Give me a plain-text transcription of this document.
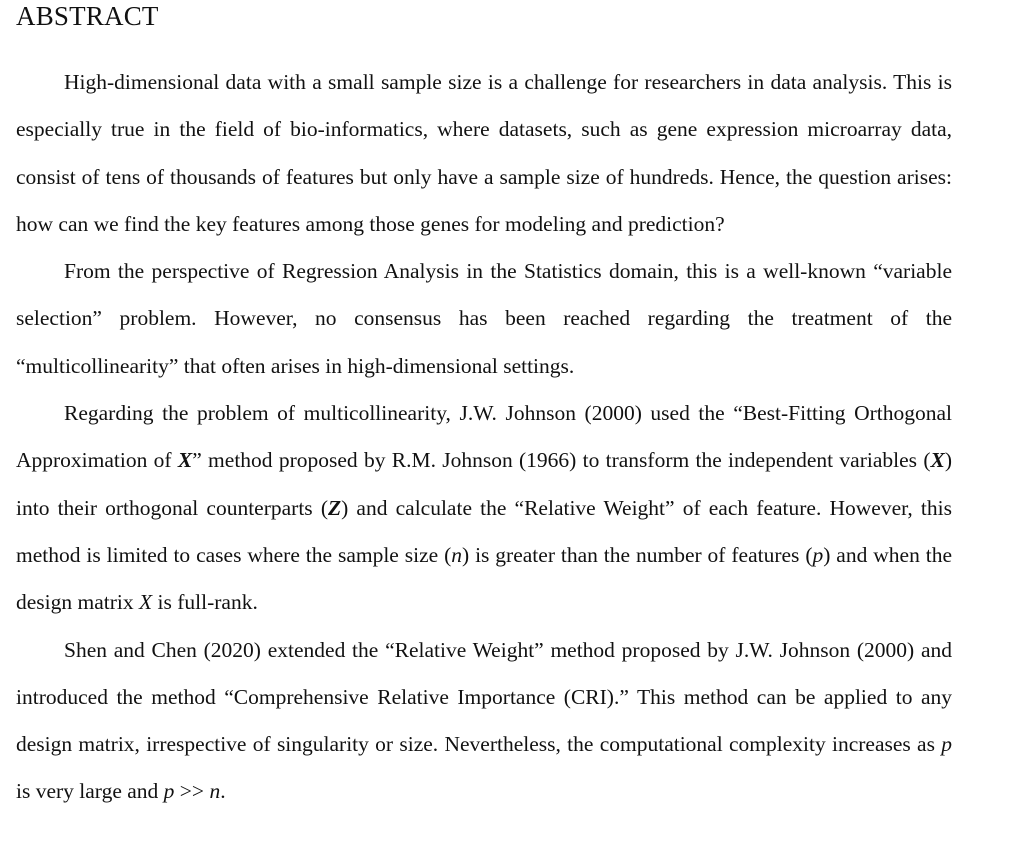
ABSTRACT

High-dimensional data with a small sample size is a challenge for researchers in data analysis. This is especially true in the field of bio-informatics, where datasets, such as gene expression microarray data, consist of tens of thousands of features but only have a sample size of hundreds. Hence, the question arises: how can we find the key features among those genes for modeling and prediction?

From the perspective of Regression Analysis in the Statistics domain, this is a well-known “variable selection” problem. However, no consensus has been reached regarding the treatment of the “multicollinearity” that often arises in high-dimensional settings.

Regarding the problem of multicollinearity, J.W. Johnson (2000) used the “Best-Fitting Orthogonal Approximation of X” method proposed by R.M. Johnson (1966) to transform the independent variables (X) into their orthogonal counterparts (Z) and calculate the “Relative Weight” of each feature. However, this method is limited to cases where the sample size (n) is greater than the number of features (p) and when the design matrix X is full-rank.

Shen and Chen (2020) extended the “Relative Weight” method proposed by J.W. Johnson (2000) and introduced the method “Comprehensive Relative Importance (CRI).” This method can be applied to any design matrix, irrespective of singularity or size. Nevertheless, the computational complexity increases as p is very large and p >> n.
